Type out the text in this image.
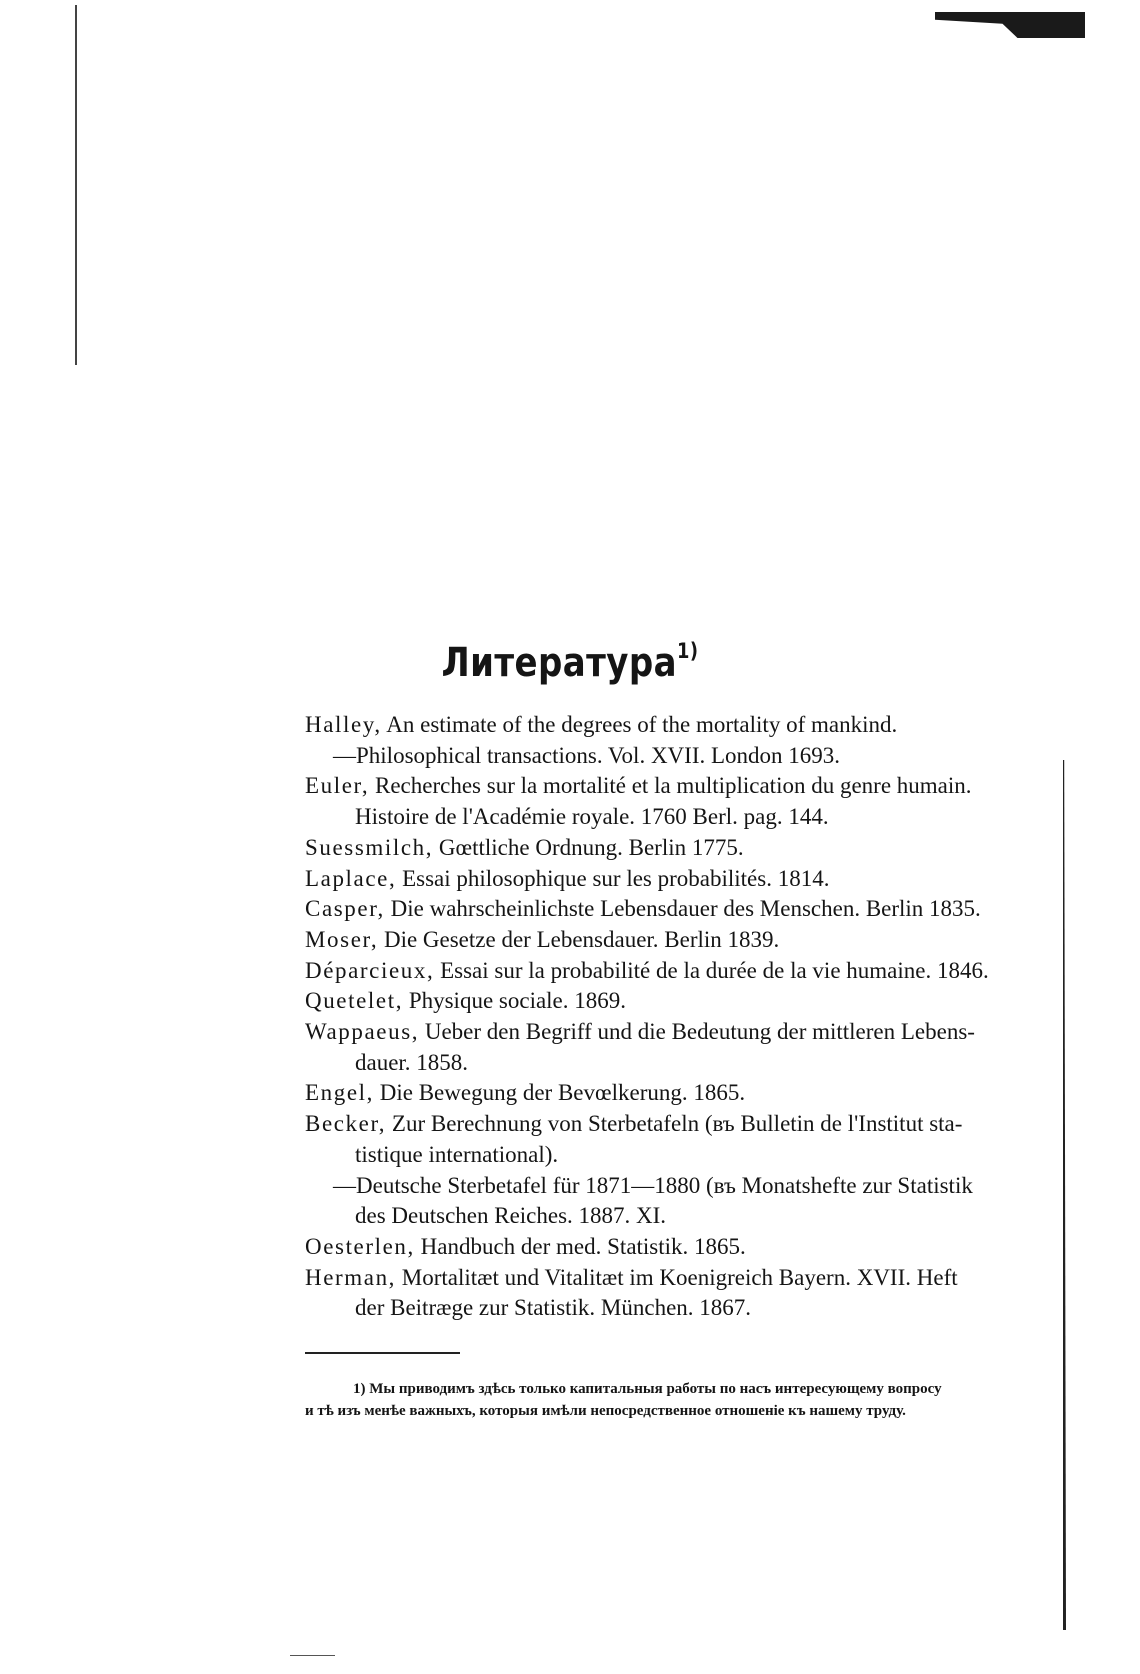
Литература$^{1)}$

Halley, An estimate of the degrees of the mortality of mankind.

—Philosophical transactions. Vol. XVII. London 1693.

Euler, Recherches sur la mortalité et la multiplication du genre humain.

Histoire de l'Académie royale. 1760 Berl. pag. 144.

Suessmilch, Gœttliche Ordnung. Berlin 1775.

Laplace, Essai philosophique sur les probabilités. 1814.

Casper, Die wahrscheinlichste Lebensdauer des Menschen. Berlin 1835.

Moser, Die Gesetze der Lebensdauer. Berlin 1839.

Déparcieux, Essai sur la probabilité de la durée de la vie humaine. 1846.

Quetelet, Physique sociale. 1869.

Wappaeus, Ueber den Begriff und die Bedeutung der mittleren Lebens-

dauer. 1858.

Engel, Die Bewegung der Bevœlkerung. 1865.

Becker, Zur Berechnung von Sterbetafeln (въ Bulletin de l'Institut sta-

tistique international).

—Deutsche Sterbetafel für 1871—1880 (въ Monatshefte zur Statistik

des Deutschen Reiches. 1887. XI.

Oesterlen, Handbuch der med. Statistik. 1865.

Herman, Mortalitæt und Vitalitæt im Koenigreich Bayern. XVII. Heft

der Beitræge zur Statistik. München. 1867.

1) Мы приводимъ здѣсь только капитальныя работы по насъ интересующему вопросу

и тѣ изъ менѣе важныхъ, которыя имѣли непосредственное отношеніе къ нашему труду.
